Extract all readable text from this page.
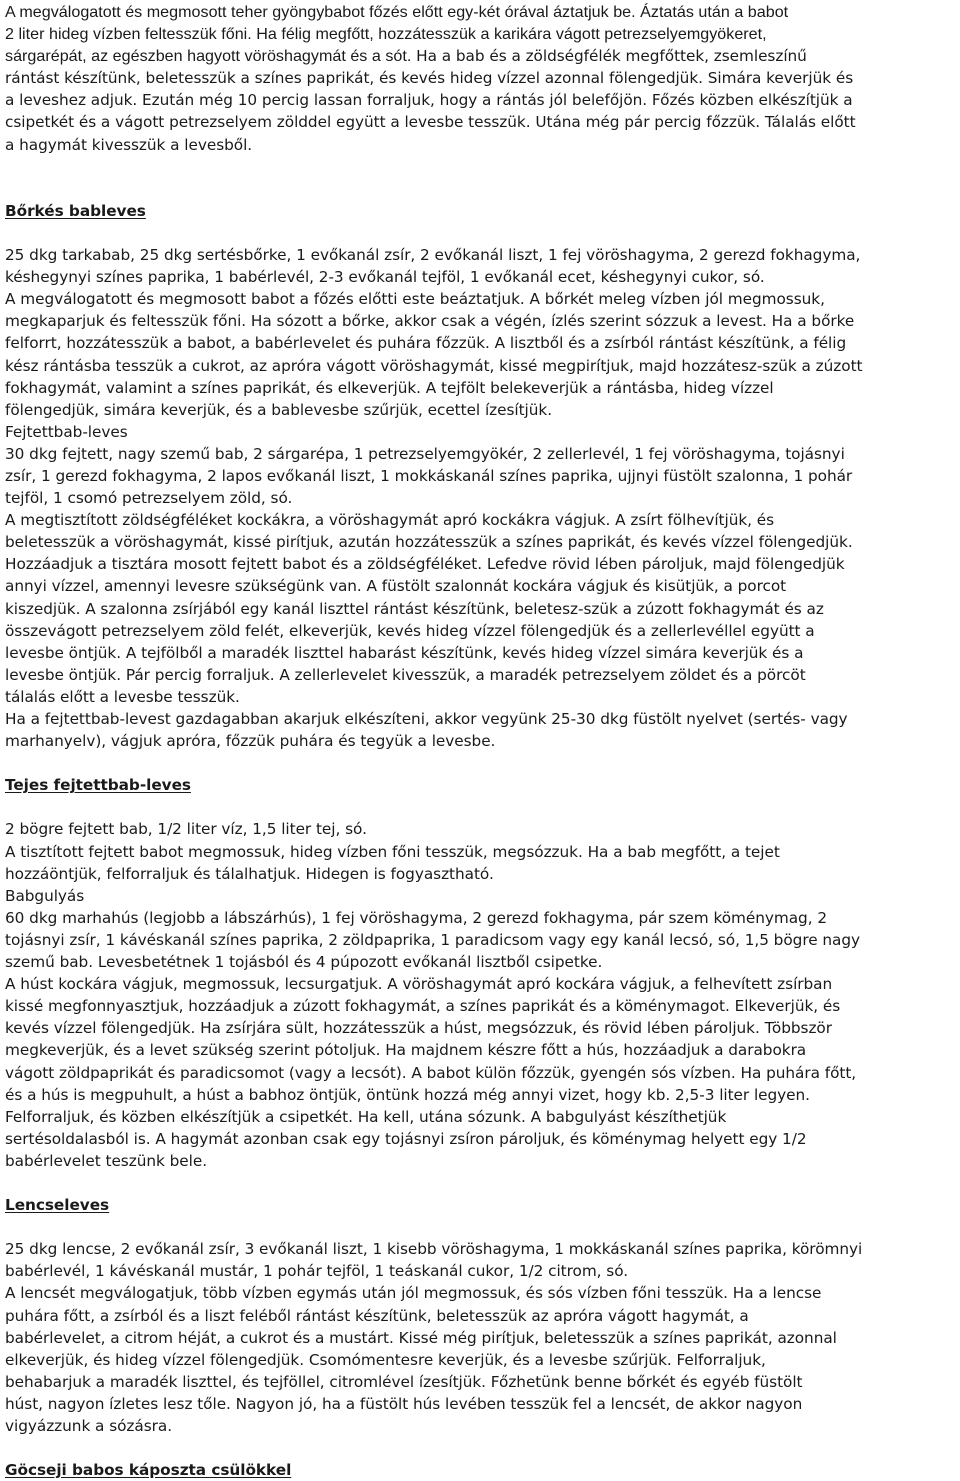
A megválogatott és megmosott teher gyöngybabot főzés előtt egy-két órával áztatjuk be. Áztatás után a babot
2 liter hideg vízben feltesszük főni. Ha félig megfőtt, hozzátesszük a karikára vágott petrezselyemgyökeret,
sárgarépát, az egészben hagyott vöröshagymát és a sót. Ha a bab és a zöldségfélék megfőttek, zsemleszínű
rántást készítünk, beletesszük a színes paprikát, és kevés hideg vízzel azonnal fölengedjük. Simára keverjük és
a leveshez adjuk. Ezután még 10 percig lassan forraljuk, hogy a rántás jól belefőjön. Főzés közben elkészítjük a
csipetkét és a vágott petrezselyem zölddel együtt a levesbe tesszük. Utána még pár percig főzzük. Tálalás előtt
a hagymát kivesszük a levesből.
Bőrkés bableves
25 dkg tarkabab, 25 dkg sertésbőrke, 1 evőkanál zsír, 2 evőkanál liszt, 1 fej vöröshagyma, 2 gerezd fokhagyma,
késhegynyi színes paprika, 1 babérlevél, 2-3 evőkanál tejföl, 1 evőkanál ecet, késhegynyi cukor, só.
A megválogatott és megmosott babot a főzés előtti este beáztatjuk. A bőrkét meleg vízben jól megmossuk,
megkaparjuk és feltesszük főni. Ha sózott a bőrke, akkor csak a végén, ízlés szerint sózzuk a levest. Ha a bőrke
felforrt, hozzátesszük a babot, a babérlevelet és puhára főzzük. A lisztből és a zsírból rántást készítünk, a félig
kész rántásba tesszük a cukrot, az apróra vágott vöröshagymát, kissé megpirítjuk, majd hozzátesz-szük a zúzott
fokhagymát, valamint a színes paprikát, és elkeverjük. A tejfölt belekeverjük a rántásba, hideg vízzel
fölengedjük, simára keverjük, és a bablevesbe szűrjük, ecettel ízesítjük.
Fejtettbab-leves
30 dkg fejtett, nagy szemű bab, 2 sárgarépa, 1 petrezselyemgyökér, 2 zellerlevél, 1 fej vöröshagyma, tojásnyi
zsír, 1 gerezd fokhagyma, 2 lapos evőkanál liszt, 1 mokkáskanál színes paprika, ujjnyi füstölt szalonna, 1 pohár
tejföl, 1 csomó petrezselyem zöld, só.
A megtisztított zöldségféléket kockákra, a vöröshagymát apró kockákra vágjuk. A zsírt fölhevítjük, és
beletesszük a vöröshagymát, kissé pirítjuk, azután hozzátesszük a színes paprikát, és kevés vízzel fölengedjük.
Hozzáadjuk a tisztára mosott fejtett babot és a zöldségféléket. Lefedve rövid lében pároljuk, majd fölengedjük
annyi vízzel, amennyi levesre szükségünk van. A füstölt szalonnát kockára vágjuk és kisütjük, a porcot
kiszedjük. A szalonna zsírjából egy kanál liszttel rántást készítünk, beletesz-szük a zúzott fokhagymát és az
összevágott petrezselyem zöld felét, elkeverjük, kevés hideg vízzel fölengedjük és a zellerlevéllel együtt a
levesbe öntjük. A tejfölből a maradék liszttel habarást készítünk, kevés hideg vízzel simára keverjük és a
levesbe öntjük. Pár percig forraljuk. A zellerlevelet kivesszük, a maradék petrezselyem zöldet és a pörcöt
tálalás előtt a levesbe tesszük.
Ha a fejtettbab-levest gazdagabban akarjuk elkészíteni, akkor vegyünk 25-30 dkg füstölt nyelvet (sertés- vagy
marhanyelv), vágjuk apróra, főzzük puhára és tegyük a levesbe.
Tejes fejtettbab-leves
2 bögre fejtett bab, 1/2 liter víz, 1,5 liter tej, só.
A tisztított fejtett babot megmossuk, hideg vízben főni tesszük, megsózzuk. Ha a bab megfőtt, a tejet
hozzáöntjük, felforraljuk és tálalhatjuk. Hidegen is fogyasztható.
Babgulyás
60 dkg marhahús (legjobb a lábszárhús), 1 fej vöröshagyma, 2 gerezd fokhagyma, pár szem köménymag, 2
tojásnyi zsír, 1 kávéskanál színes paprika, 2 zöldpaprika, 1 paradicsom vagy egy kanál lecsó, só, 1,5 bögre nagy
szemű bab. Levesbetétnek 1 tojásból és 4 púpozott evőkanál lisztből csipetke.
A húst kockára vágjuk, megmossuk, lecsurgatjuk. A vöröshagymát apró kockára vágjuk, a felhevített zsírban
kissé megfonnyasztjuk, hozzáadjuk a zúzott fokhagymát, a színes paprikát és a köménymagot. Elkeverjük, és
kevés vízzel fölengedjük. Ha zsírjára sült, hozzátesszük a húst, megsózzuk, és rövid lében pároljuk. Többször
megkeverjük, és a levet szükség szerint pótoljuk. Ha majdnem készre főtt a hús, hozzáadjuk a darabokra
vágott zöldpaprikát és paradicsomot (vagy a lecsót). A babot külön főzzük, gyengén sós vízben. Ha puhára főtt,
és a hús is megpuhult, a húst a babhoz öntjük, öntünk hozzá még annyi vizet, hogy kb. 2,5-3 liter legyen.
Felforraljuk, és közben elkészítjük a csipetkét. Ha kell, utána sózunk. A babgulyást készíthetjük
sertésoldalasból is. A hagymát azonban csak egy tojásnyi zsíron pároljuk, és köménymag helyett egy 1/2
babérlevelet teszünk bele.
Lencseleves
25 dkg lencse, 2 evőkanál zsír, 3 evőkanál liszt, 1 kisebb vöröshagyma, 1 mokkáskanál színes paprika, körömnyi
babérlevél, 1 kávéskanál mustár, 1 pohár tejföl, 1 teáskanál cukor, 1/2 citrom, só.
A lencsét megválogatjuk, több vízben egymás után jól megmossuk, és sós vízben főni tesszük. Ha a lencse
puhára főtt, a zsírból és a liszt feléből rántást készítünk, beletesszük az apróra vágott hagymát, a
babérlevelet, a citrom héját, a cukrot és a mustárt. Kissé még pirítjuk, beletesszük a színes paprikát, azonnal
elkeverjük, és hideg vízzel fölengedjük. Csomómentesre keverjük, és a levesbe szűrjük. Felforraljuk,
behabarjuk a maradék liszttel, és tejföllel, citromlével ízesítjük. Főzhetünk benne bőrkét és egyéb füstölt
húst, nagyon ízletes lesz tőle. Nagyon jó, ha a füstölt hús levében tesszük fel a lencsét, de akkor nagyon
vigyázzunk a sózásra.
Göcseji babos káposzta csülökkel
